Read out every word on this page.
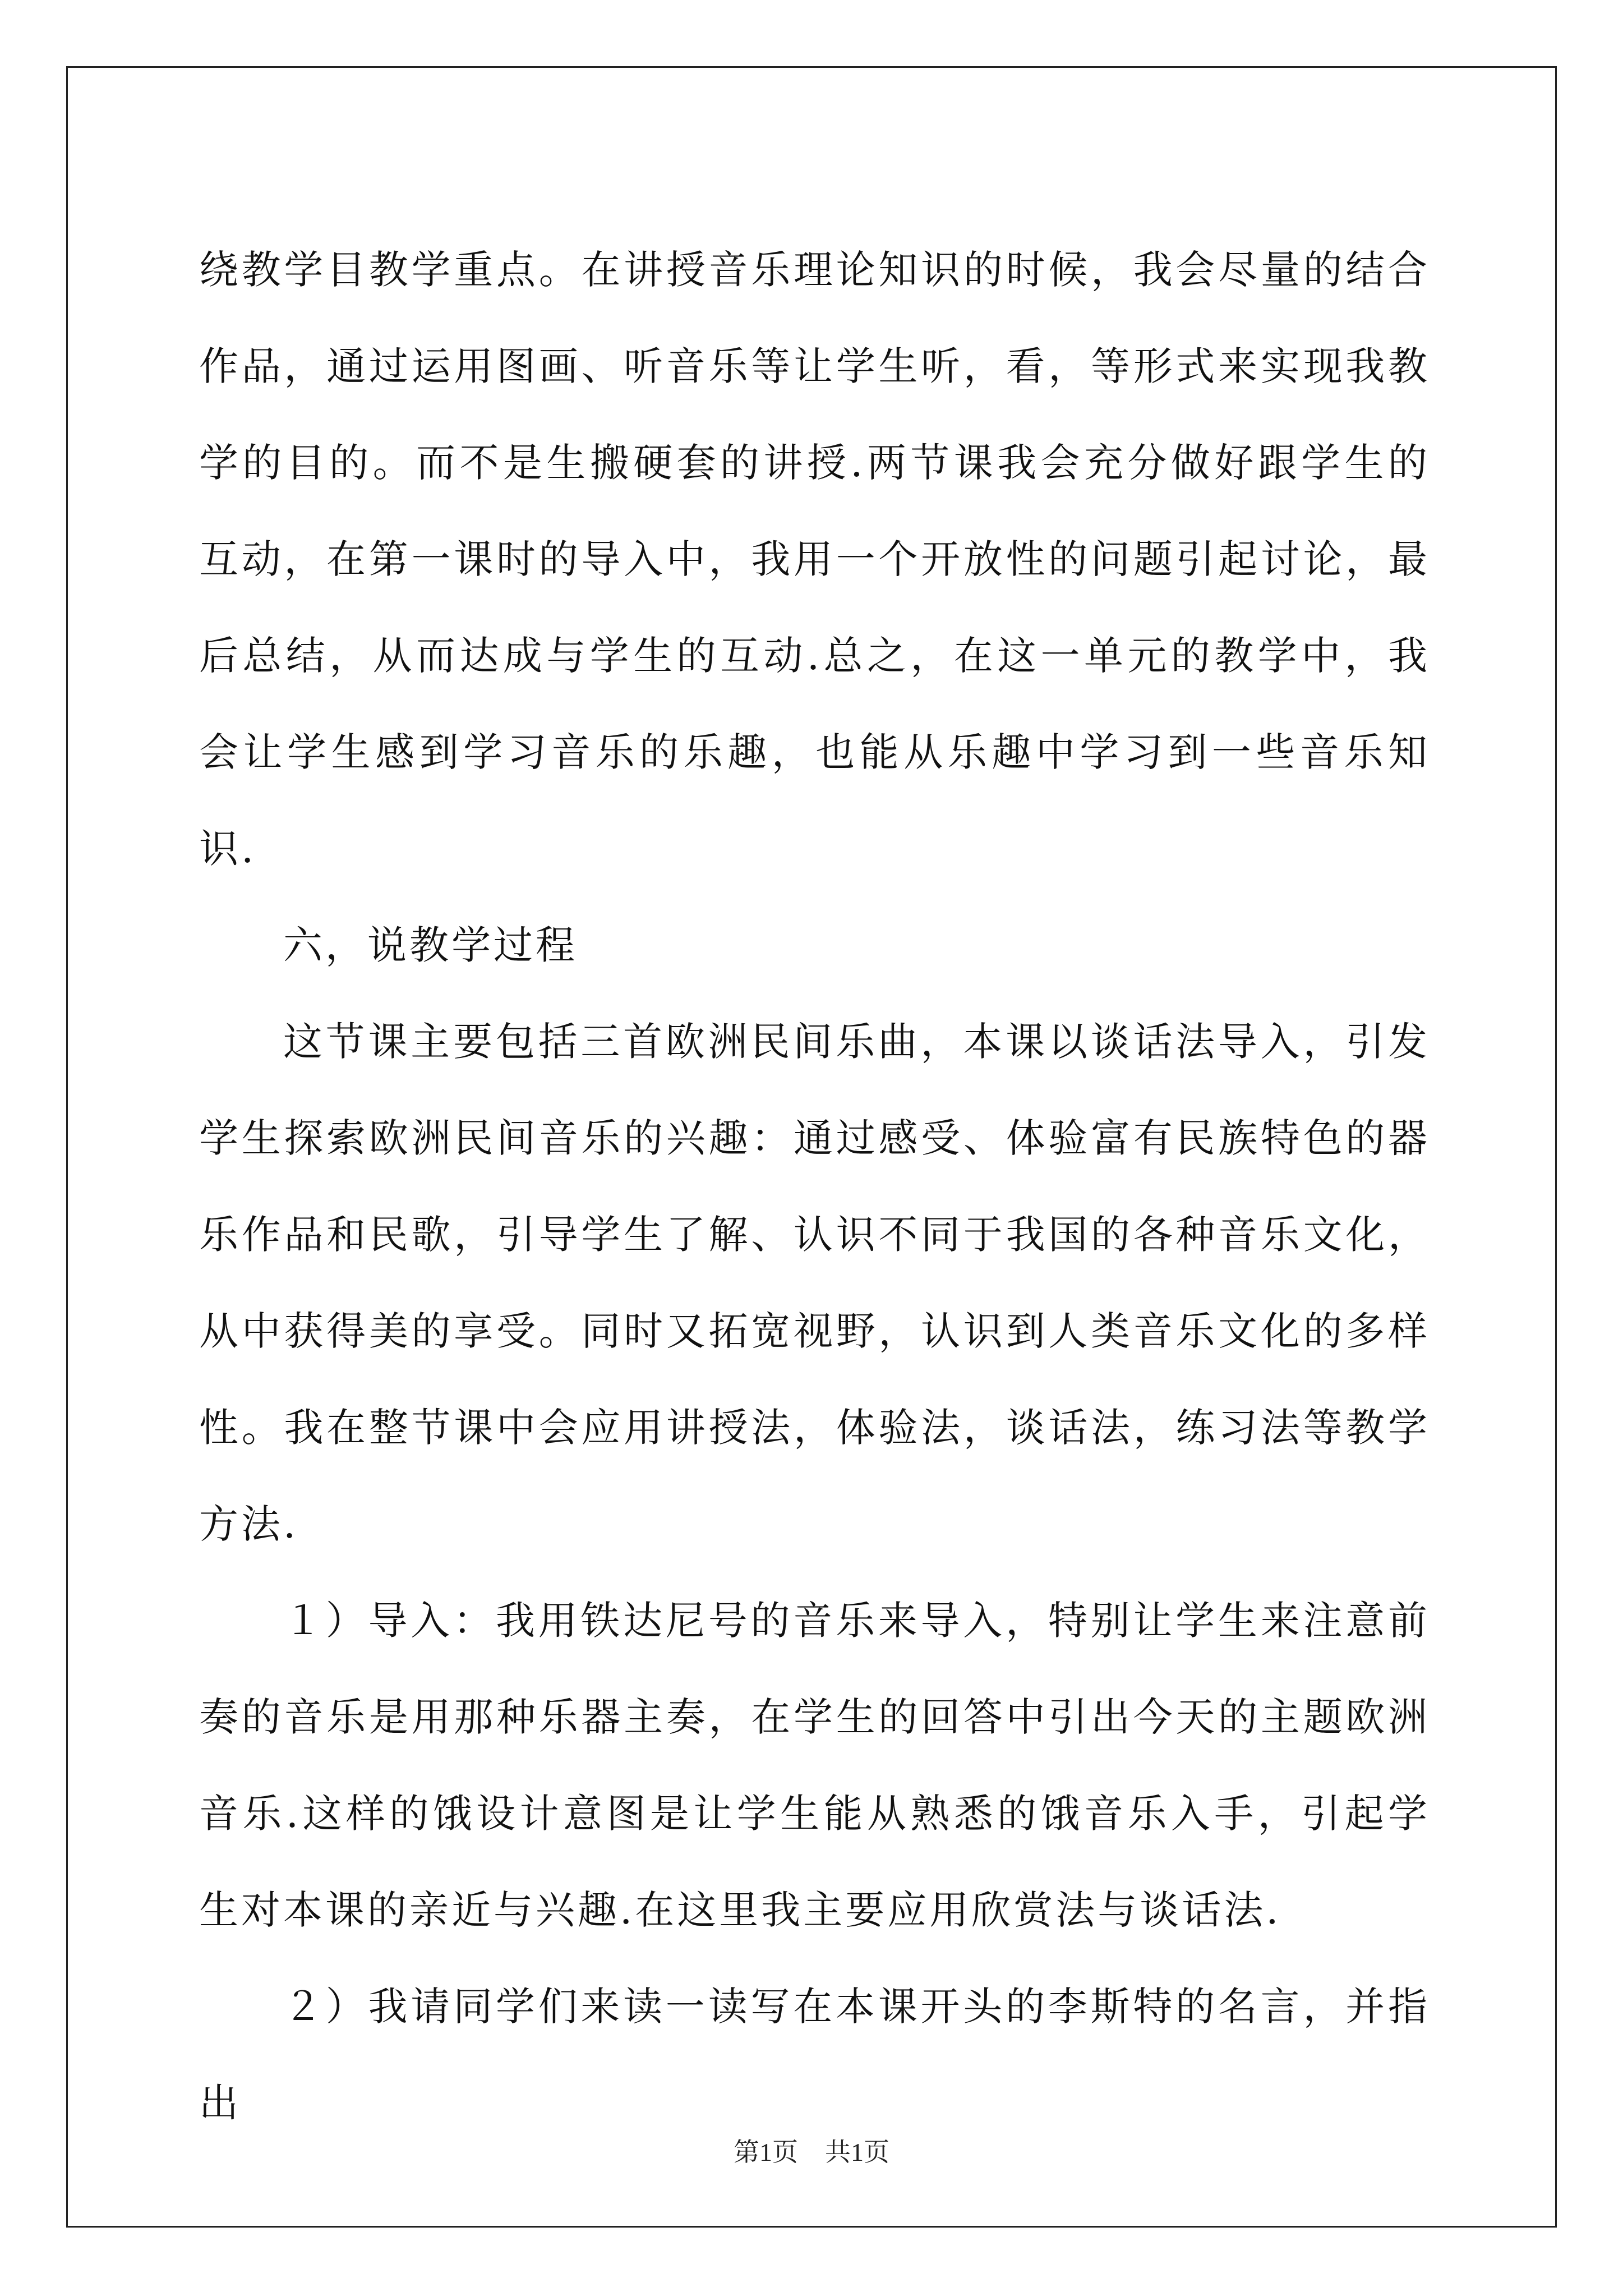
绕教学目教学重点。在讲授音乐理论知识的时候，我会尽量的结合作品，通过运用图画、听音乐等让学生听，看，等形式来实现我教学的目的。而不是生搬硬套的讲授.两节课我会充分做好跟学生的互动，在第一课时的导入中，我用一个开放性的问题引起讨论，最后总结，从而达成与学生的互动.总之，在这一单元的教学中，我会让学生感到学习音乐的乐趣，也能从乐趣中学习到一些音乐知识.

六，说教学过程

这节课主要包括三首欧洲民间乐曲，本课以谈话法导入，引发学生探索欧洲民间音乐的兴趣：通过感受、体验富有民族特色的器乐作品和民歌，引导学生了解、认识不同于我国的各种音乐文化，从中获得美的享受。同时又拓宽视野，认识到人类音乐文化的多样性。我在整节课中会应用讲授法，体验法，谈话法，练习法等教学方法.

１）导入：我用铁达尼号的音乐来导入，特别让学生来注意前奏的音乐是用那种乐器主奏，在学生的回答中引出今天的主题欧洲音乐.这样的饿设计意图是让学生能从熟悉的饿音乐入手，引起学生对本课的亲近与兴趣.在这里我主要应用欣赏法与谈话法.

２）我请同学们来读一读写在本课开头的李斯特的名言，并指出

第1页 共1页
